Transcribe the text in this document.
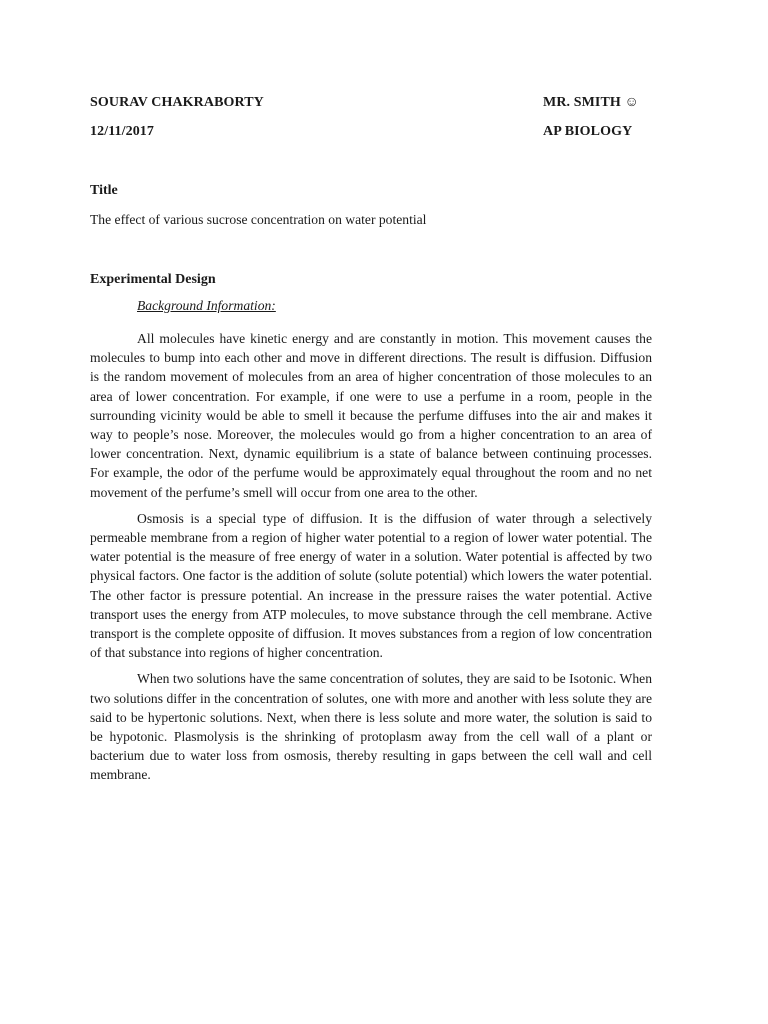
SOURAV CHAKRABORTY	MR. SMITH ☺
12/11/2017	AP BIOLOGY
Title
The effect of various sucrose concentration on water potential
Experimental Design
Background Information:

All molecules have kinetic energy and are constantly in motion. This movement causes the molecules to bump into each other and move in different directions. The result is diffusion. Diffusion is the random movement of molecules from an area of higher concentration of those molecules to an area of lower concentration. For example, if one were to use a perfume in a room, people in the surrounding vicinity would be able to smell it because the perfume diffuses into the air and makes it way to people’s nose. Moreover, the molecules would go from a higher concentration to an area of lower concentration. Next, dynamic equilibrium is a state of balance between continuing processes. For example, the odor of the perfume would be approximately equal throughout the room and no net movement of the perfume’s smell will occur from one area to the other.

Osmosis is a special type of diffusion. It is the diffusion of water through a selectively permeable membrane from a region of higher water potential to a region of lower water potential. The water potential is the measure of free energy of water in a solution. Water potential is affected by two physical factors. One factor is the addition of solute (solute potential) which lowers the water potential. The other factor is pressure potential. An increase in the pressure raises the water potential. Active transport uses the energy from ATP molecules, to move substance through the cell membrane. Active transport is the complete opposite of diffusion. It moves substances from a region of low concentration of that substance into regions of higher concentration.

When two solutions have the same concentration of solutes, they are said to be Isotonic. When two solutions differ in the concentration of solutes, one with more and another with less solute they are said to be hypertonic solutions. Next, when there is less solute and more water, the solution is said to be hypotonic. Plasmolysis is the shrinking of protoplasm away from the cell wall of a plant or bacterium due to water loss from osmosis, thereby resulting in gaps between the cell wall and cell membrane.
